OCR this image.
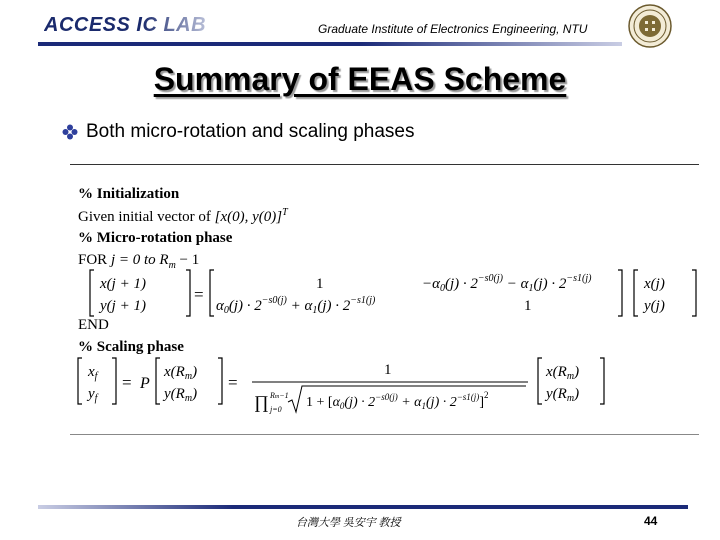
ACCESS IC LAB	Graduate Institute of Electronics Engineering, NTU
Summary of EEAS Scheme
Both micro-rotation and scaling phases
% Initialization
Given initial vector of [x(0), y(0)]$^T$
% Micro-rotation phase
FOR j = 0 to $R_m - 1$
x(j + 1)
y(j + 1)
=
1	$-\alpha_0(j) \cdot 2^{-s0(j)} - \alpha_1(j) \cdot 2^{-s1(j)}$
$\alpha_0(j) \cdot 2^{-s0(j)} + \alpha_1(j) \cdot 2^{-s1(j)}$	1
x(j)
y(j)
END
% Scaling phase
$x_f$
$y_f$
= P
$x(R_m)$
$y(R_m)$
=
1
∏ Rm−1
j=0 $1 + [\alpha_0(j) \cdot 2^{-s0(j)} + \alpha_1(j) \cdot 2^{-s1(j)}]^2$
$x(R_m)$
$y(R_m)$
台灣大學 吳安宇 教授	44
